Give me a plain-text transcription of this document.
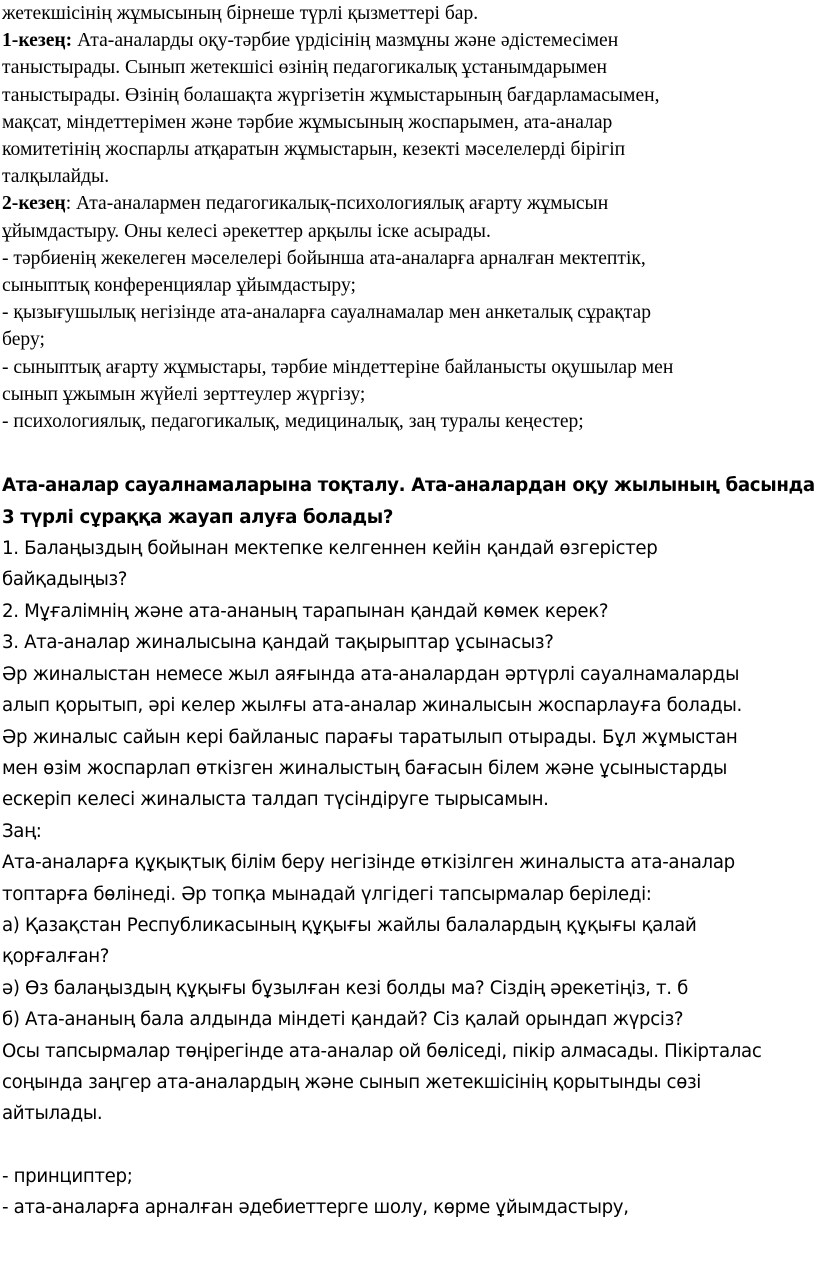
жетекшісінің жұмысының бірнеше түрлі қызметтері бар.

1-кезең: Ата-аналарды оқу-тәрбие үрдісінің мазмұны және әдістемесімен

таныстырады. Сынып жетекшісі өзінің педагогикалық ұстанымдарымен

таныстырады. Өзінің болашақта жүргізетін жұмыстарының бағдарламасымен,

мақсат, міндеттерімен және тәрбие жұмысының жоспарымен, ата-аналар

комитетінің жоспарлы атқаратын жұмыстарын, кезекті мәселелерді бірігіп

талқылайды.

2-кезең: Ата-аналармен педагогикалық-психологиялық ағарту жұмысын

ұйымдастыру. Оны келесі әрекеттер арқылы іске асырады.

- тәрбиенің жекелеген мәселелері бойынша ата-аналарға арналған мектептік,

сыныптық конференциялар ұйымдастыру;

- қызығушылық негізінде ата-аналарға сауалнамалар мен анкеталық сұрақтар

беру;

- сыныптық ағарту жұмыстары, тәрбие міндеттеріне байланысты оқушылар мен

сынып ұжымын жүйелі зерттеулер жүргізу;

- психологиялық, педагогикалық, медициналық, заң туралы кеңестер;

Ата-аналар сауалнамаларына тоқталу. Ата-аналардан оқу жылының басында

3 түрлі сұраққа жауап алуға болады?

1. Балаңыздың бойынан мектепке келгеннен кейін қандай өзгерістер

байқадыңыз?

2. Мұғалімнің және ата-ананың тарапынан қандай көмек керек?

3. Ата-аналар жиналысына қандай тақырыптар ұсынасыз?

Әр жиналыстан немесе жыл аяғында ата-аналардан әртүрлі сауалнамаларды

алып қорытып, әрі келер жылғы ата-аналар жиналысын жоспарлауға болады.

Әр жиналыс сайын кері байланыс парағы таратылып отырады. Бұл жұмыстан

мен өзім жоспарлап өткізген жиналыстың бағасын білем және ұсыныстарды

ескеріп келесі жиналыста талдап түсіндіруге тырысамын.

Заң:

Ата-аналарға құқықтық білім беру негізінде өткізілген жиналыста ата-аналар

топтарға бөлінеді. Әр топқа мынадай үлгідегі тапсырмалар беріледі:

а) Қазақстан Республикасының құқығы жайлы балалардың құқығы қалай

қорғалған?

ә) Өз балаңыздың құқығы бұзылған кезі болды ма? Сіздің әрекетіңіз, т. б

б) Ата-ананың бала алдында міндеті қандай? Сіз қалай орындап жүрсіз?

Осы тапсырмалар төңірегінде ата-аналар ой бөліседі, пікір алмасады. Пікірталас

соңында заңгер ата-аналардың және сынып жетекшісінің қорытынды сөзі

айтылады.

- принциптер;

- ата-аналарға арналған әдебиеттерге шолу, көрме ұйымдастыру,
